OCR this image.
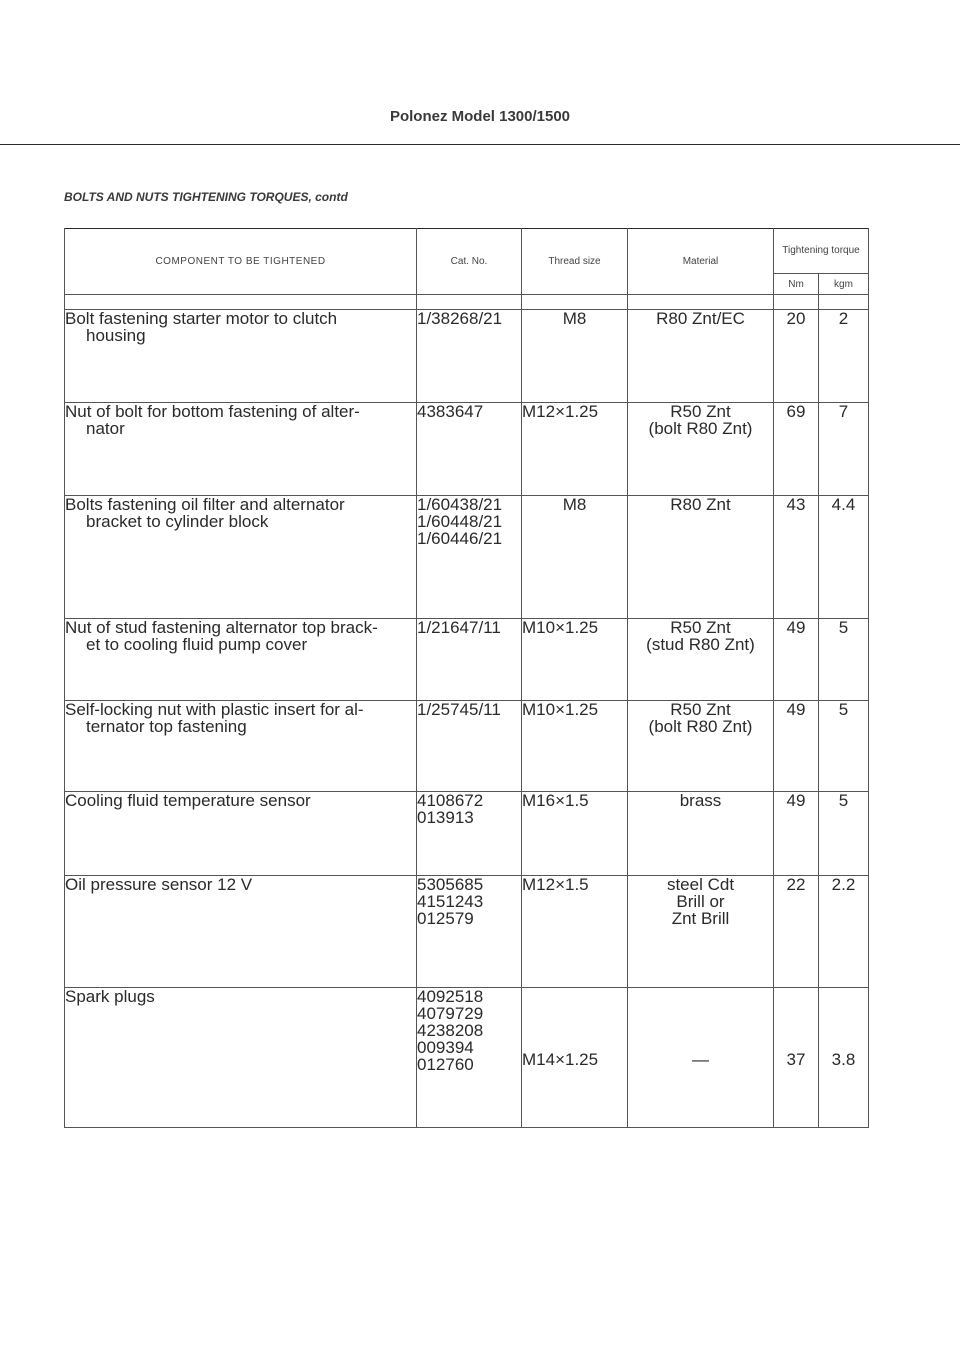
Polonez Model 1300/1500
BOLTS AND NUTS TIGHTENING TORQUES, contd
COMPONENT TO BE TIGHTENED	Cat. No.	Thread size	Material	Tightening torque	
				Nm	kgm

Bolt fastening starter motor to clutch
housing	1/38268/21	M8	R80 Znt/EC	20	2

Nut of bolt for bottom fastening of alter-
nator	4383647	M12×1.25	R50 Znt
(bolt R80 Znt)	69	7

Bolts fastening oil filter and alternator
bracket to cylinder block	1/60438/21
1/60448/21
1/60446/21	M8	R80 Znt	43	4.4

Nut of stud fastening alternator top brack-
et to cooling fluid pump cover	1/21647/11	M10×1.25	R50 Znt
(stud R80 Znt)	49	5

Self-locking nut with plastic insert for al-
ternator top fastening	1/25745/11	M10×1.25	R50 Znt
(bolt R80 Znt)	49	5

Cooling fluid temperature sensor	4108672
013913	M16×1.5	brass	49	5

Oil pressure sensor 12 V	5305685
4151243
012579	M12×1.5	steel Cdt
Brill or
Znt Brill	22	2.2

Spark plugs	4092518
4079729
4238208
009394
012760	M14×1.25	—	37	3.8
